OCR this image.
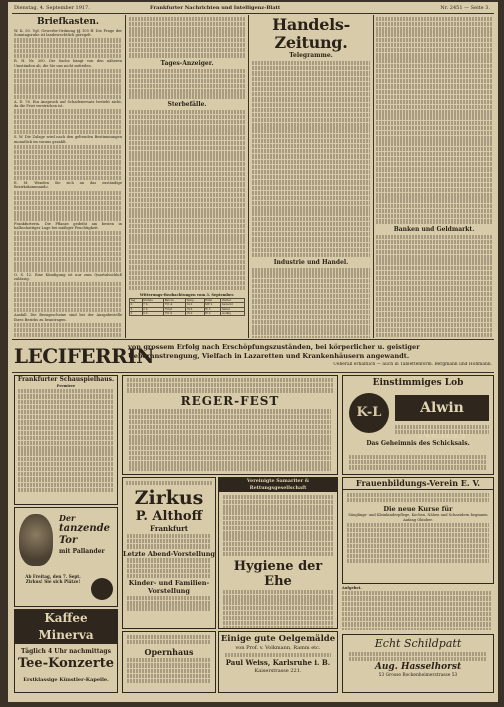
Dienstag, 4. September 1917.	Frankfurter Nachrichten und Intelligenz-Blatt	Nr. 2451 — Seite 3.
Briefkasten.

W. K. 50. Vgl. Gewerbe-Ordnung §§ 105 ff. Die Frage der Sonntagsruhe ist landesrechtlich geregelt.

R. H. Nr. 300. Die Sache hängt von den näheren Umständen ab, die Sie uns nicht mitteilen.

A. D. 76. Ein Anspruch auf Schadenersatz besteht nicht, da die Frist verstrichen ist.

S. W. Die Zulage wird nach den geltenden Bestimmungen monatlich im voraus gezahlt.

E. M. Wenden Sie sich an das zuständige Bezirkskommando.

Frankfurterin. Die Pflanze gedeiht am besten in halbschattiger Lage bei mäßiger Feuchtigkeit.

O. S. 12. Eine Kündigung ist nur zum Quartalsschluß zulässig.

Ausfall. Die Bezugsscheine sind bei der Ausgabestelle Ihres Bezirks zu beantragen.

Tages-Anzeiger.
Sterbefälle.
Witterungs-Beobachtungen vom 3. September.
Tag	Stunde	Barom.	Temp.	Wind	Wetter
3.	7 h	751,4	14,2	SW 2	bedeckt
3.	2 h	750,8	19,6	W 3	heiter
3.	9 h	751,9	15,0	W 2	wolkig
Handels-Zeitung.
Telegramme.
Industrie und Handel.
Banken und Geldmarkt.
LECIFERRIN
von grossem Erfolg nach Erschöpfungszuständen, bei körperlicher u. geistiger Ueberanstrengung, Vielfach in Lazaretten und Krankenhäusern angewandt.
Ueberall erhältlich — auch in Tablettenform. Bergmann und Hohmann.
Frankfurter Schauspielhaus.
Premiere
REGER-FEST
Einstimmiges Lob
K-L	Alwin Neuss
Das Geheimnis des Schicksals.
Zirkus
P. Althoff
Frankfurt
Letzte Abend-Vorstellung
Kinder- und Familien-Vorstellung
Vereinigte Samariter & Rettungsgesellschaft
Hygiene der Ehe
Frauenbildungs-Verein E. V.
Die neue Kurse für
Säuglings- und Kleinkinderpflege, Kochen, Nähen und Schneidern beginnen Anfang Oktober.
Aufgebot.
Der
tanzende
Tor
mit Pallander
Ab Freitag, den 7. Sept. Zirkus! Sie sich Plätze!
Kaffee Minerva
Täglich 4 Uhr nachmittags
Tee-Konzerte
Erstklassige Künstler-Kapelle.
Opernhaus
Einige gute Oelgemälde
von Prof. v. Volkmann, Ramm etc.
Paul Weiss, Karlsruhe i. B.
Kaiserstrasse 221.
Echt Schildpatt
Aug. Hasselhorst
53 Grosse Bockenheimerstrasse 53
